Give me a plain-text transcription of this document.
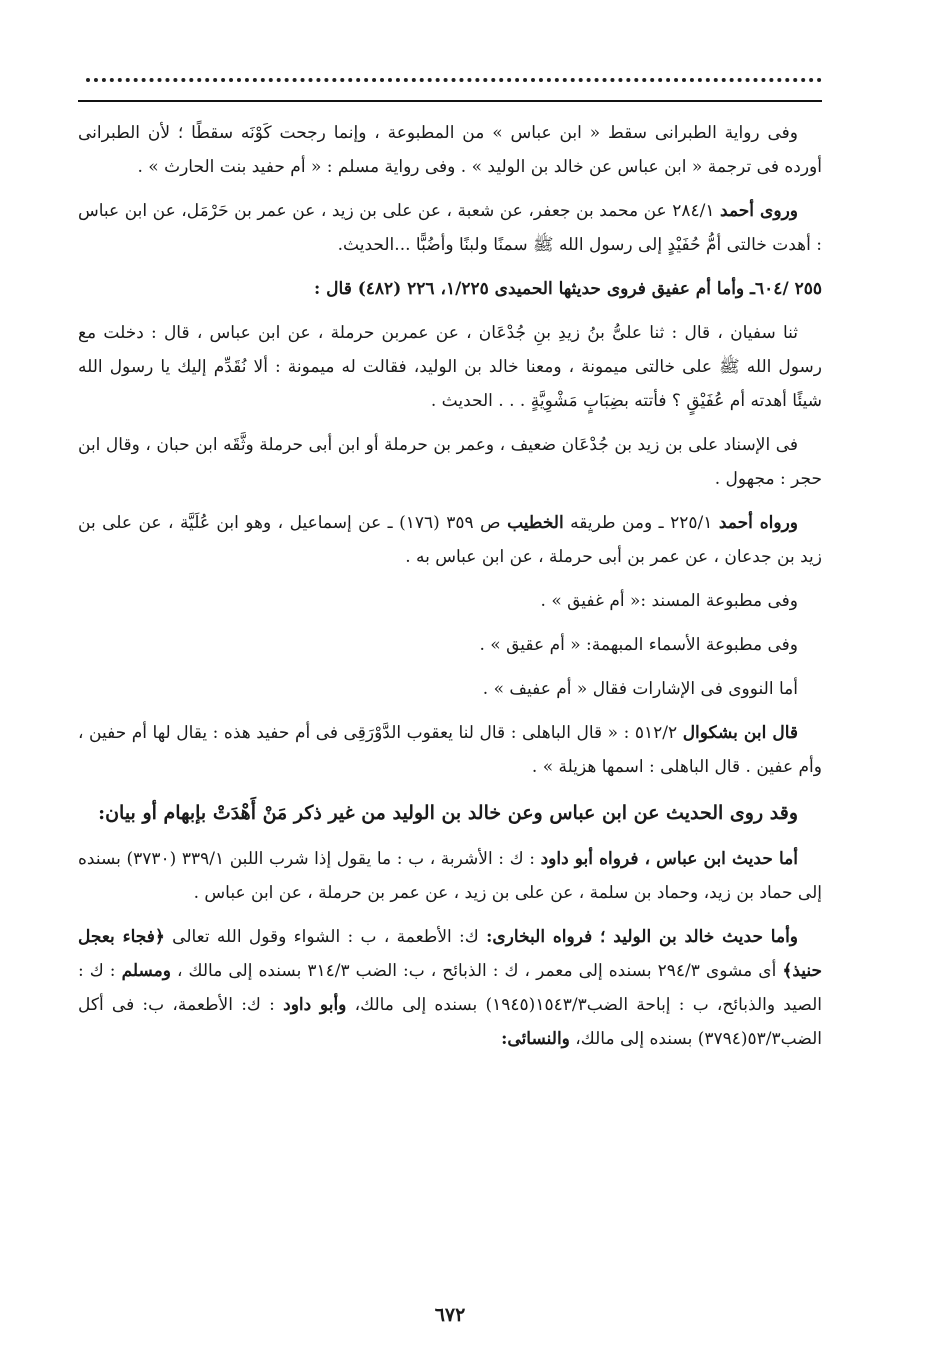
وفى رواية الطبرانى سقط « ابن عباس » من المطبوعة ، وإنما رجحت كَوْنَه سقطًا ؛ لأن الطبرانى أورده فى ترجمة « ابن عباس عن خالد بن الوليد » . وفى رواية مسلم : « أم حفيد بنت الحارث » .

وروى أحمد ٢٨٤/١ عن محمد بن جعفر، عن شعبة ، عن على بن زيد ، عن عمر بن حَرْمَل، عن ابن عباس : أهدت خالتى أمُّ حُفَيْدٍ إلى رسول الله ﷺ سمنًا ولبنًا وأضُبًّا ...الحديث.

٢٥٥ /٦٠٤ـ وأما أم عفيق فروى حديثها الحميدى ١/٢٢٥، ٢٢٦ (٤٨٢) قال :

ثنا سفيان ، قال : ثنا علىُّ بنُ زيدِ بنِ جُدْعَان ، عن عمربن حرملة ، عن ابن عباس ، قال : دخلت مع رسول الله ﷺ على خالتى ميمونة ، ومعنا خالد بن الوليد، فقالت له ميمونة : ألا نُقَدِّم إليك يا رسول الله شيئًا أهدته أم عُفَيْقٍ ؟ فأتته بضِبَابٍ مَشْوِيَّةٍ . . . الحديث .

فى الإسناد على بن زيد بن جُدْعَان ضعيف ، وعمر بن حرملة أو ابن أبى حرملة وثَّقَه ابن حبان ، وقال ابن حجر : مجهول .

ورواه أحمد ٢٢٥/١ ـ ومن طريقه الخطيب ص ٣٥٩ (١٧٦) ـ عن إسماعيل ، وهو ابن عُلَيَّة ، عن على بن زيد بن جدعان ، عن عمر بن أبى حرملة ، عن ابن عباس به .

وفى مطبوعة المسند :« أم غفيق » .

وفى مطبوعة الأسماء المبهمة: « أم عقيق » .

أما النووى فى الإشارات فقال « أم عفيف » .

قال ابن بشكوال ٥١٢/٢ : « قال الباهلى : قال لنا يعقوب الدَّوْرَقِى فى أم حفيد هذه : يقال لها أم حفين ، وأم عفين . قال الباهلى : اسمها هزيلة » .

وقد روى الحديث عن ابن عباس وعن خالد بن الوليد من غير ذكر مَنْ أَهْدَتْ بإبهام أو بيان:

أما حديث ابن عباس ، فرواه أبو داود : ك : الأشربة ، ب : ما يقول إذا شرب اللبن ٣٣٩/١ (٣٧٣٠) بسنده إلى حماد بن زيد، وحماد بن سلمة ، عن على بن زيد ، عن عمر بن حرملة ، عن ابن عباس .

وأما حديث خالد بن الوليد ؛ فرواه البخارى: ك: الأطعمة ، ب : الشواء وقول الله تعالى ﴿فجاء بعجل حنيذ﴾ أى مشوى ٢٩٤/٣ بسنده إلى معمر ، ك : الذبائح ، ب: الضب ٣١٤/٣ بسنده إلى مالك ، ومسلم : ك : الصيد والذبائح، ب : إباحة الضب١٥٤٣/٣(١٩٤٥) بسنده إلى مالك، وأبو داود : ك: الأطعمة، ب: فى أكل الضب٥٣/٣(٣٧٩٤) بسنده إلى مالك، والنسائى:

٦٧٢
